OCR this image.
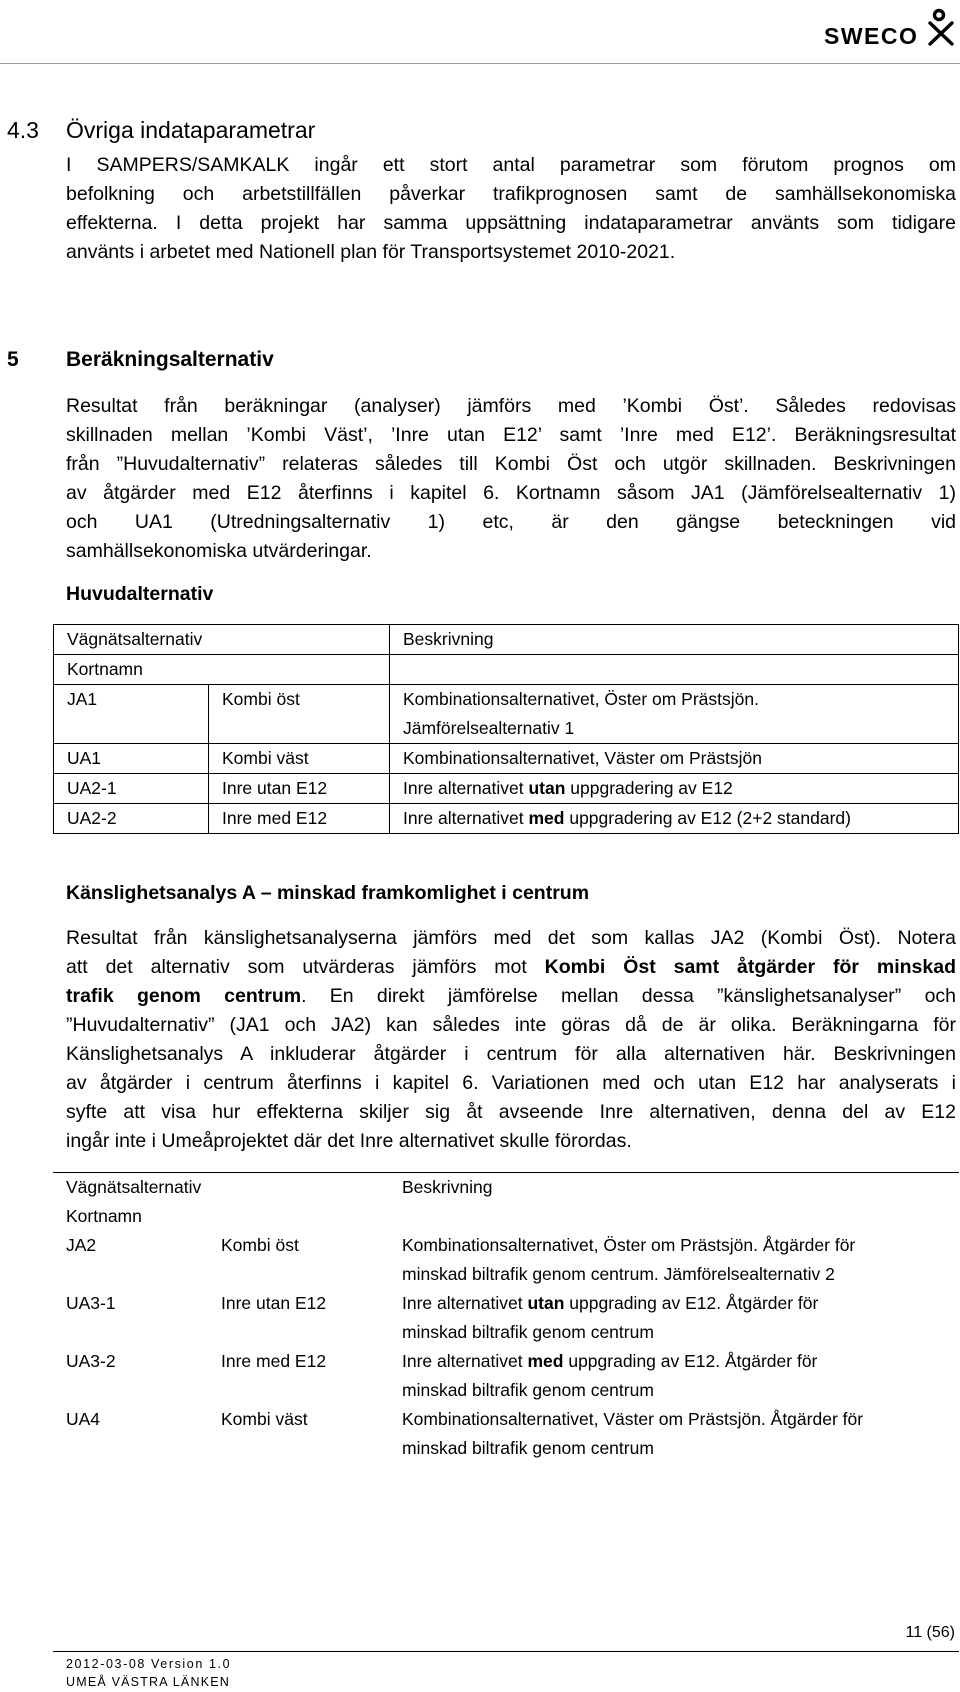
SWECO
4.3 Övriga indataparametrar
I SAMPERS/SAMKALK ingår ett stort antal parametrar som förutom prognos om
befolkning och arbetstillfällen påverkar trafikprognosen samt de samhällsekonomiska
effekterna. I detta projekt har samma uppsättning indataparametrar använts som tidigare
använts i arbetet med Nationell plan för Transportsystemet 2010-2021.
5 Beräkningsalternativ
Resultat från beräkningar (analyser) jämförs med ’Kombi Öst’. Således redovisas
skillnaden mellan ’Kombi Väst’, ’Inre utan E12’ samt ’Inre med E12’. Beräkningsresultat
från ”Huvudalternativ” relateras således till Kombi Öst och utgör skillnaden. Beskrivningen
av åtgärder med E12 återfinns i kapitel 6. Kortnamn såsom JA1 (Jämförelsealternativ 1)
och UA1 (Utredningsalternativ 1) etc, är den gängse beteckningen vid
samhällsekonomiska utvärderingar.
Huvudalternativ
Vägnätsalternativ		Beskrivning
Kortnamn		
JA1	Kombi öst	Kombinationsalternativet, Öster om Prästsjön.
Jämförelsealternativ 1

UA1	Kombi väst	Kombinationsalternativet, Väster om Prästsjön
UA2-1	Inre utan E12	Inre alternativet utan uppgradering av E12
UA2-2	Inre med E12	Inre alternativet med uppgradering av E12 (2+2 standard)
Känslighetsanalys A – minskad framkomlighet i centrum
Resultat från känslighetsanalyserna jämförs med det som kallas JA2 (Kombi Öst). Notera
att det alternativ som utvärderas jämförs mot Kombi Öst samt åtgärder för minskad
trafik genom centrum. En direkt jämförelse mellan dessa ”känslighetsanalyser” och
”Huvudalternativ” (JA1 och JA2) kan således inte göras då de är olika. Beräkningarna för
Känslighetsanalys A inkluderar åtgärder i centrum för alla alternativen här. Beskrivningen
av åtgärder i centrum återfinns i kapitel 6. Variationen med och utan E12 har analyserats i
syfte att visa hur effekterna skiljer sig åt avseende Inre alternativen, denna del av E12
ingår inte i Umeåprojektet där det Inre alternativet skulle förordas.
Vägnätsalternativ		Beskrivning
Kortnamn		
JA2	Kombi öst	Kombinationsalternativet, Öster om Prästsjön. Åtgärder för
minskad biltrafik genom centrum. Jämförelsealternativ 2

UA3-1	Inre utan E12	Inre alternativet utan uppgrading av E12. Åtgärder för
minskad biltrafik genom centrum

UA3-2	Inre med E12	Inre alternativet med uppgrading av E12. Åtgärder för
minskad biltrafik genom centrum

UA4	Kombi väst	Kombinationsalternativet, Väster om Prästsjön. Åtgärder för
minskad biltrafik genom centrum
11 (56)
2012-03-08 Version 1.0
UMEÅ VÄSTRA LÄNKEN
